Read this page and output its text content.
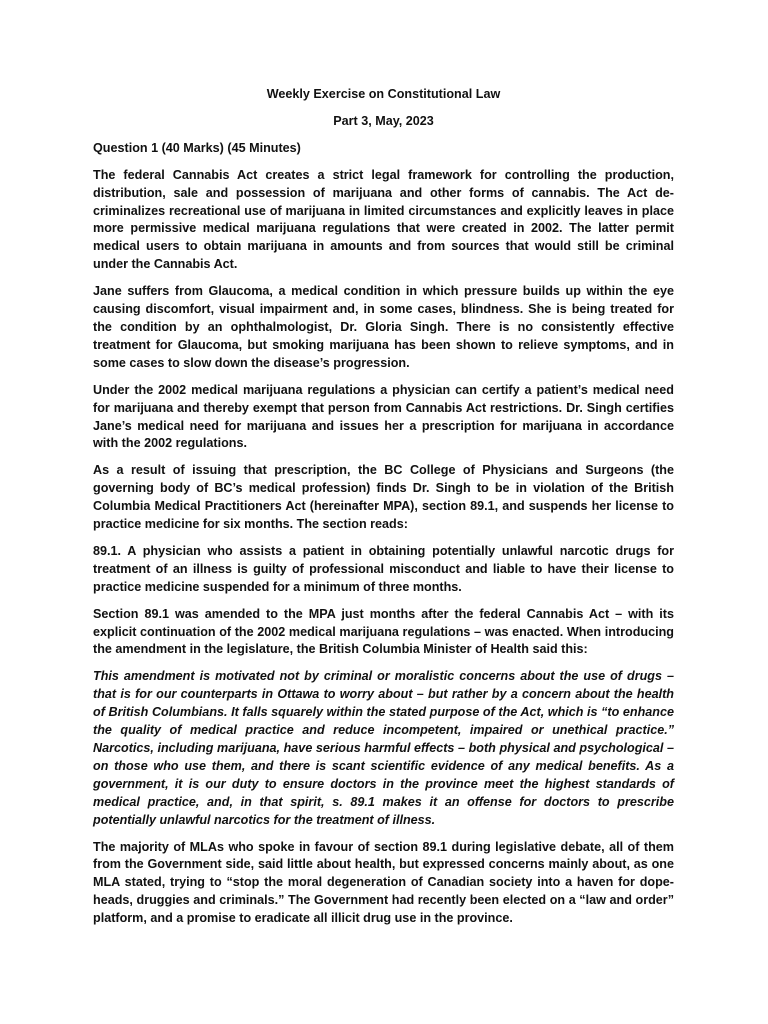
Weekly Exercise on Constitutional Law

Part 3, May, 2023

Question 1 (40 Marks) (45 Minutes)

The federal Cannabis Act creates a strict legal framework for controlling the production, distribution, sale and possession of marijuana and other forms of cannabis. The Act de-criminalizes recreational use of marijuana in limited circumstances and explicitly leaves in place more permissive medical marijuana regulations that were created in 2002. The latter permit medical users to obtain marijuana in amounts and from sources that would still be criminal under the Cannabis Act.

Jane suffers from Glaucoma, a medical condition in which pressure builds up within the eye causing discomfort, visual impairment and, in some cases, blindness. She is being treated for the condition by an ophthalmologist, Dr. Gloria Singh. There is no consistently effective treatment for Glaucoma, but smoking marijuana has been shown to relieve symptoms, and in some cases to slow down the disease’s progression.

Under the 2002 medical marijuana regulations a physician can certify a patient’s medical need for marijuana and thereby exempt that person from Cannabis Act restrictions. Dr. Singh certifies Jane’s medical need for marijuana and issues her a prescription for marijuana in accordance with the 2002 regulations.

As a result of issuing that prescription, the BC College of Physicians and Surgeons (the governing body of BC’s medical profession) finds Dr. Singh to be in violation of the British Columbia Medical Practitioners Act (hereinafter MPA), section 89.1, and suspends her license to practice medicine for six months. The section reads:

89.1. A physician who assists a patient in obtaining potentially unlawful narcotic drugs for treatment of an illness is guilty of professional misconduct and liable to have their license to practice medicine suspended for a minimum of three months.

Section 89.1 was amended to the MPA just months after the federal Cannabis Act – with its explicit continuation of the 2002 medical marijuana regulations – was enacted. When introducing the amendment in the legislature, the British Columbia Minister of Health said this:

This amendment is motivated not by criminal or moralistic concerns about the use of drugs – that is for our counterparts in Ottawa to worry about – but rather by a concern about the health of British Columbians. It falls squarely within the stated purpose of the Act, which is “to enhance the quality of medical practice and reduce incompetent, impaired or unethical practice.” Narcotics, including marijuana, have serious harmful effects – both physical and psychological – on those who use them, and there is scant scientific evidence of any medical benefits. As a government, it is our duty to ensure doctors in the province meet the highest standards of medical practice, and, in that spirit, s. 89.1 makes it an offense for doctors to prescribe potentially unlawful narcotics for the treatment of illness.

The majority of MLAs who spoke in favour of section 89.1 during legislative debate, all of them from the Government side, said little about health, but expressed concerns mainly about, as one MLA stated, trying to “stop the moral degeneration of Canadian society into a haven for dope-heads, druggies and criminals.” The Government had recently been elected on a “law and order” platform, and a promise to eradicate all illicit drug use in the province.
